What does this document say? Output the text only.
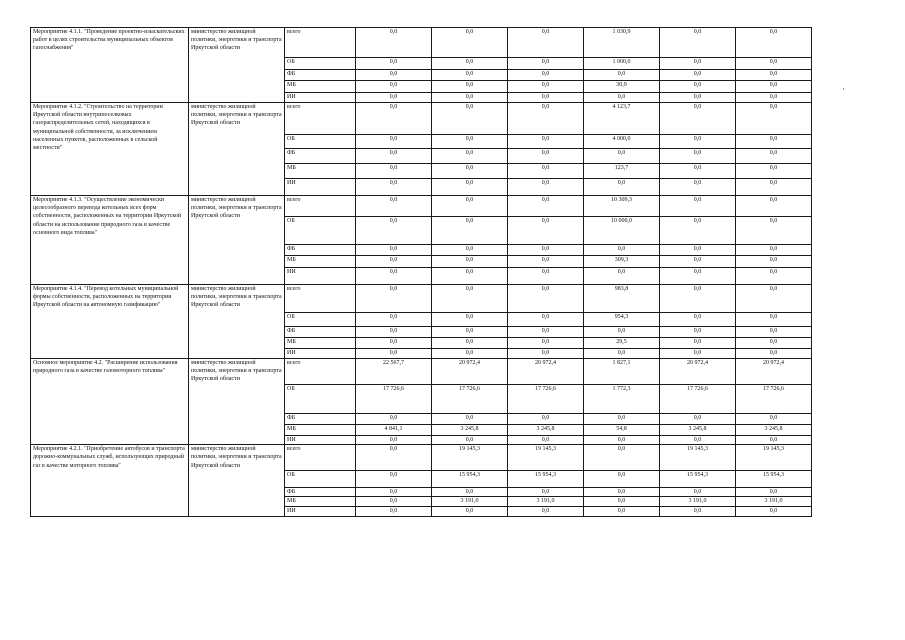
Мероприятие 4.1.1. "Проведение проектно-изыскательских работ в целях строительства муниципальных объектов газоснабжения"	министерство жилищной политики, энергетики и транспорта Иркутской области	всего	0,0	0,0	0,0	1 030,9	0,0	0,0
		ОБ	0,0	0,0	0,0	1 000,0	0,0	0,0
		ФБ	0,0	0,0	0,0	0,0	0,0	0,0
		МБ	0,0	0,0	0,0	30,9	0,0	0,0
		ИИ	0,0	0,0	0,0	0,0	0,0	0,0
Мероприятие 4.1.2. "Строительство на территории Иркутской области внутрипоселковых газораспределительных сетей, находящихся в муниципальной собственности, за исключением населенных пунктов, расположенных в сельской местности"	министерство жилищной политики, энергетики и транспорта Иркутской области	всего	0,0	0,0	0,0	4 123,7	0,0	0,0
		ОБ	0,0	0,0	0,0	4 000,0	0,0	0,0
		ФБ	0,0	0,0	0,0	0,0	0,0	0,0
		МБ	0,0	0,0	0,0	123,7	0,0	0,0
		ИИ	0,0	0,0	0,0	0,0	0,0	0,0
Мероприятие 4.1.3. "Осуществление экономически целесообразного перевода котельных всех форм собственности, расположенных на территории Иркутской области на использование природного газа в качестве основного вида топлива"	министерство жилищной политики, энергетики и транспорта Иркутской области	всего	0,0	0,0	0,0	10 309,3	0,0	0,0
		ОБ	0,0	0,0	0,0	10 000,0	0,0	0,0
		ФБ	0,0	0,0	0,0	0,0	0,0	0,0
		МБ	0,0	0,0	0,0	309,3	0,0	0,0
		ИИ	0,0	0,0	0,0	0,0	0,0	0,0
Мероприятие 4.1.4. "Перевод котельных муниципальной формы собственности, расположенных на территории Иркутской области на автономную газификацию"	министерство жилищной политики, энергетики и транспорта Иркутской области	всего	0,0	0,0	0,0	983,8	0,0	0,0
		ОБ	0,0	0,0	0,0	954,3	0,0	0,0
		ФБ	0,0	0,0	0,0	0,0	0,0	0,0
		МБ	0,0	0,0	0,0	29,5	0,0	0,0
		ИИ	0,0	0,0	0,0	0,0	0,0	0,0
Основное мероприятие 4.2. "Расширение использования природного газа в качестве газомоторного топлива"	министерство жилищной политики, энергетики и транспорта Иркутской области	всего	22 567,7	20 972,4	20 972,4	1 827,1	20 972,4	20 972,4
		ОБ	17 726,6	17 726,6	17 726,6	1 772,3	17 726,6	17 726,6
		ФБ	0,0	0,0	0,0	0,0	0,0	0,0
		МБ	4 841,1	3 245,8	3 245,8	54,8	3 245,8	3 245,8
		ИИ	0,0	0,0	0,0	0,0	0,0	0,0
Мероприятие 4.2.1. "Приобретение автобусов и транспорта дорожно-коммунальных служб, использующих природный газ в качестве моторного топлива"	министерство жилищной политики, энергетики и транспорта Иркутской области	всего	0,0	19 145,3	19 145,3	0,0	19 145,3	19 145,3
		ОБ	0,0	15 954,3	15 954,3	0,0	15 954,3	15 954,3
		ФБ	0,0	0,0	0,0	0,0	0,0	0,0
		МБ	0,0	3 191,0	3 191,0	0,0	3 191,0	3 191,0
		ИИ	0,0	0,0	0,0	0,0	0,0	0,0
'
